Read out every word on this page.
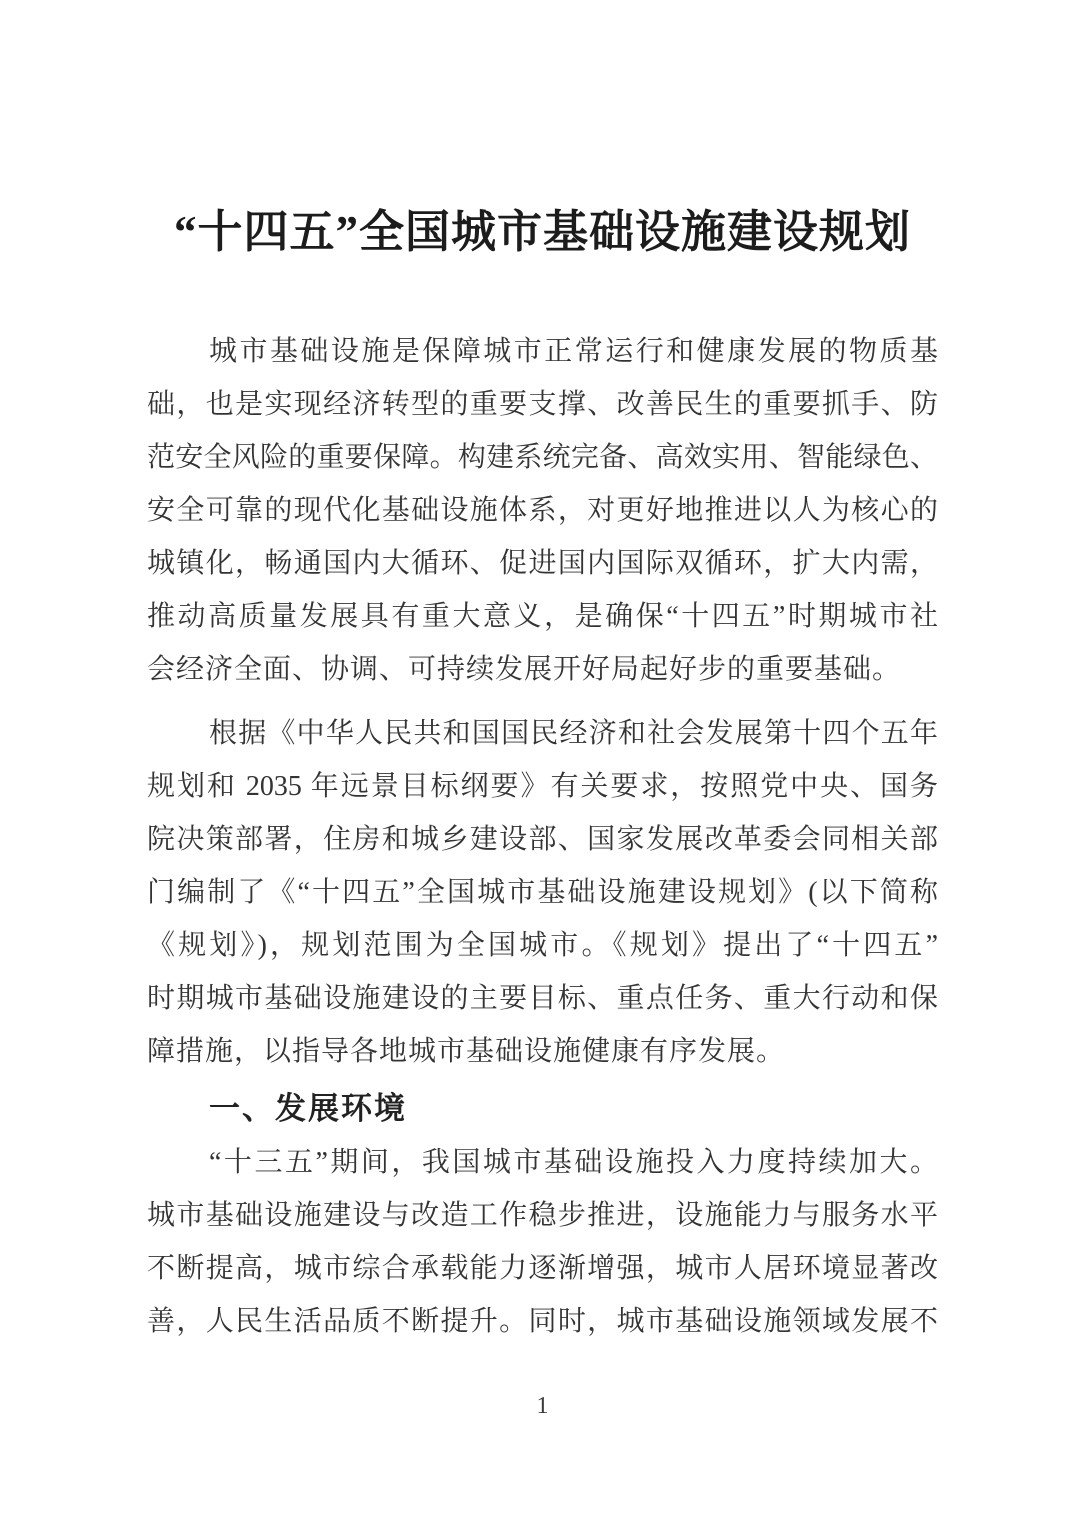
“十四五”全国城市基础设施建设规划
城市基础设施是保障城市正常运行和健康发展的物质基
础，也是实现经济转型的重要支撑、改善民生的重要抓手、防
范安全风险的重要保障。构建系统完备、高效实用、智能绿色、
安全可靠的现代化基础设施体系，对更好地推进以人为核心的
城镇化，畅通国内大循环、促进国内国际双循环，扩大内需，
推动高质量发展具有重大意义，是确保“十四五”时期城市社
会经济全面、协调、可持续发展开好局起好步的重要基础。
根据《中华人民共和国国民经济和社会发展第十四个五年
规划和 2035 年远景目标纲要》有关要求，按照党中央、国务
院决策部署，住房和城乡建设部、国家发展改革委会同相关部
门编制了《“十四五”全国城市基础设施建设规划》(以下简称
《规划》)，规划范围为全国城市。《规划》提出了“十四五”
时期城市基础设施建设的主要目标、重点任务、重大行动和保
障措施，以指导各地城市基础设施健康有序发展。
一、发展环境
“十三五”期间，我国城市基础设施投入力度持续加大。
城市基础设施建设与改造工作稳步推进，设施能力与服务水平
不断提高，城市综合承载能力逐渐增强，城市人居环境显著改
善，人民生活品质不断提升。同时，城市基础设施领域发展不
1
